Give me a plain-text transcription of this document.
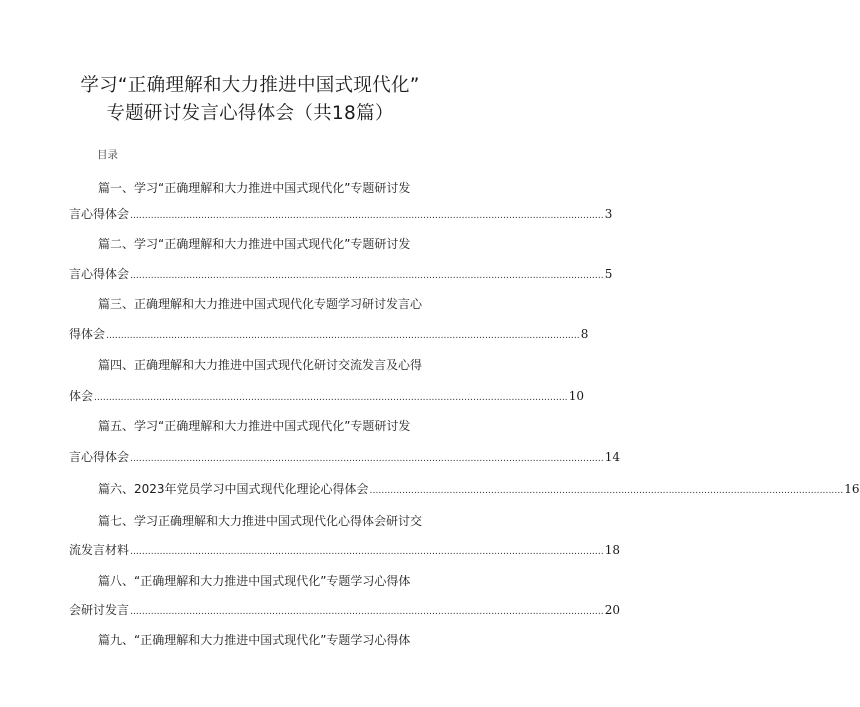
学习“正确理解和大力推进中国式现代化”
专题研讨发言心得体会（共18篇）
目录
篇一、学习“正确理解和大力推进中国式现代化”专题研讨发
言心得体会 ................................................................................................................................................................ 3
篇二、学习“正确理解和大力推进中国式现代化”专题研讨发
言心得体会 ................................................................................................................................................................ 5
篇三、正确理解和大力推进中国式现代化专题学习研讨发言心
得体会 ................................................................................................................................................................ 8
篇四、正确理解和大力推进中国式现代化研讨交流发言及心得
体会 ................................................................................................................................................................ 10
篇五、学习“正确理解和大力推进中国式现代化”专题研讨发
言心得体会 ................................................................................................................................................................ 14
篇六、2023年党员学习中国式现代化理论心得体会 ................................................................................................................................................................ 16
篇七、学习正确理解和大力推进中国式现代化心得体会研讨交
流发言材料 ................................................................................................................................................................ 18
篇八、“正确理解和大力推进中国式现代化”专题学习心得体
会研讨发言 ................................................................................................................................................................ 20
篇九、“正确理解和大力推进中国式现代化”专题学习心得体
